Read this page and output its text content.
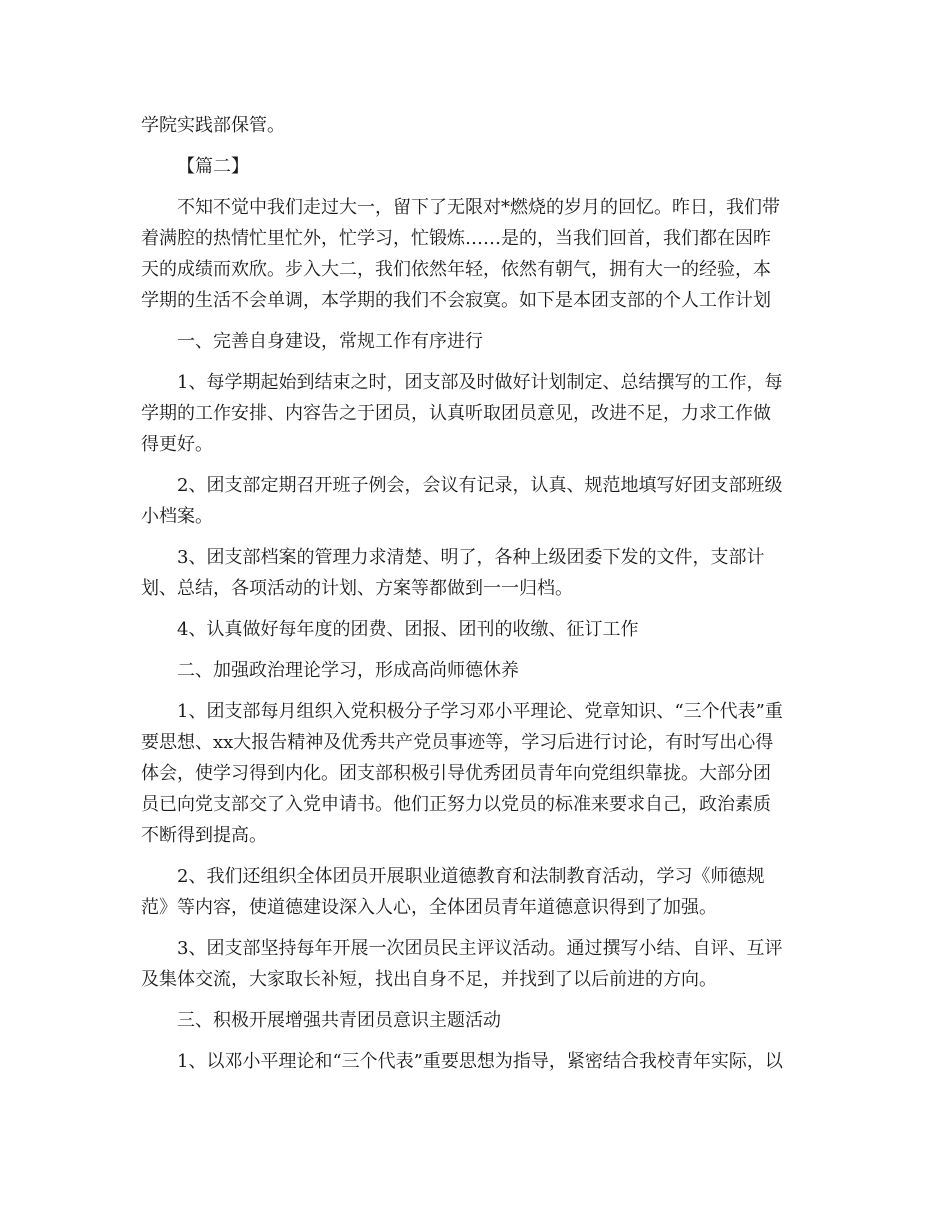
学院实践部保管。
【篇二】
不知不觉中我们走过大一，留下了无限对*燃烧的岁月的回忆。昨日，我们带
着满腔的热情忙里忙外，忙学习，忙锻炼……是的，当我们回首，我们都在因昨
天的成绩而欢欣。步入大二，我们依然年轻，依然有朝气，拥有大一的经验，本
学期的生活不会单调，本学期的我们不会寂寞。如下是本团支部的个人工作计划
一、完善自身建设，常规工作有序进行
1、每学期起始到结束之时，团支部及时做好计划制定、总结撰写的工作，每
学期的工作安排、内容告之于团员，认真听取团员意见，改进不足，力求工作做
得更好。
2、团支部定期召开班子例会，会议有记录，认真、规范地填写好团支部班级
小档案。
3、团支部档案的管理力求清楚、明了，各种上级团委下发的文件，支部计
划、总结，各项活动的计划、方案等都做到一一归档。
4、认真做好每年度的团费、团报、团刊的收缴、征订工作
二、加强政治理论学习，形成高尚师德休养
1、团支部每月组织入党积极分子学习邓小平理论、党章知识、“三个代表”重
要思想、xx大报告精神及优秀共产党员事迹等，学习后进行讨论，有时写出心得
体会，使学习得到内化。团支部积极引导优秀团员青年向党组织靠拢。大部分团
员已向党支部交了入党申请书。他们正努力以党员的标准来要求自己，政治素质
不断得到提高。
2、我们还组织全体团员开展职业道德教育和法制教育活动，学习《师德规
范》等内容，使道德建设深入人心，全体团员青年道德意识得到了加强。
3、团支部坚持每年开展一次团员民主评议活动。通过撰写小结、自评、互评
及集体交流，大家取长补短，找出自身不足，并找到了以后前进的方向。
三、积极开展增强共青团员意识主题活动
1、以邓小平理论和“三个代表”重要思想为指导，紧密结合我校青年实际，以
